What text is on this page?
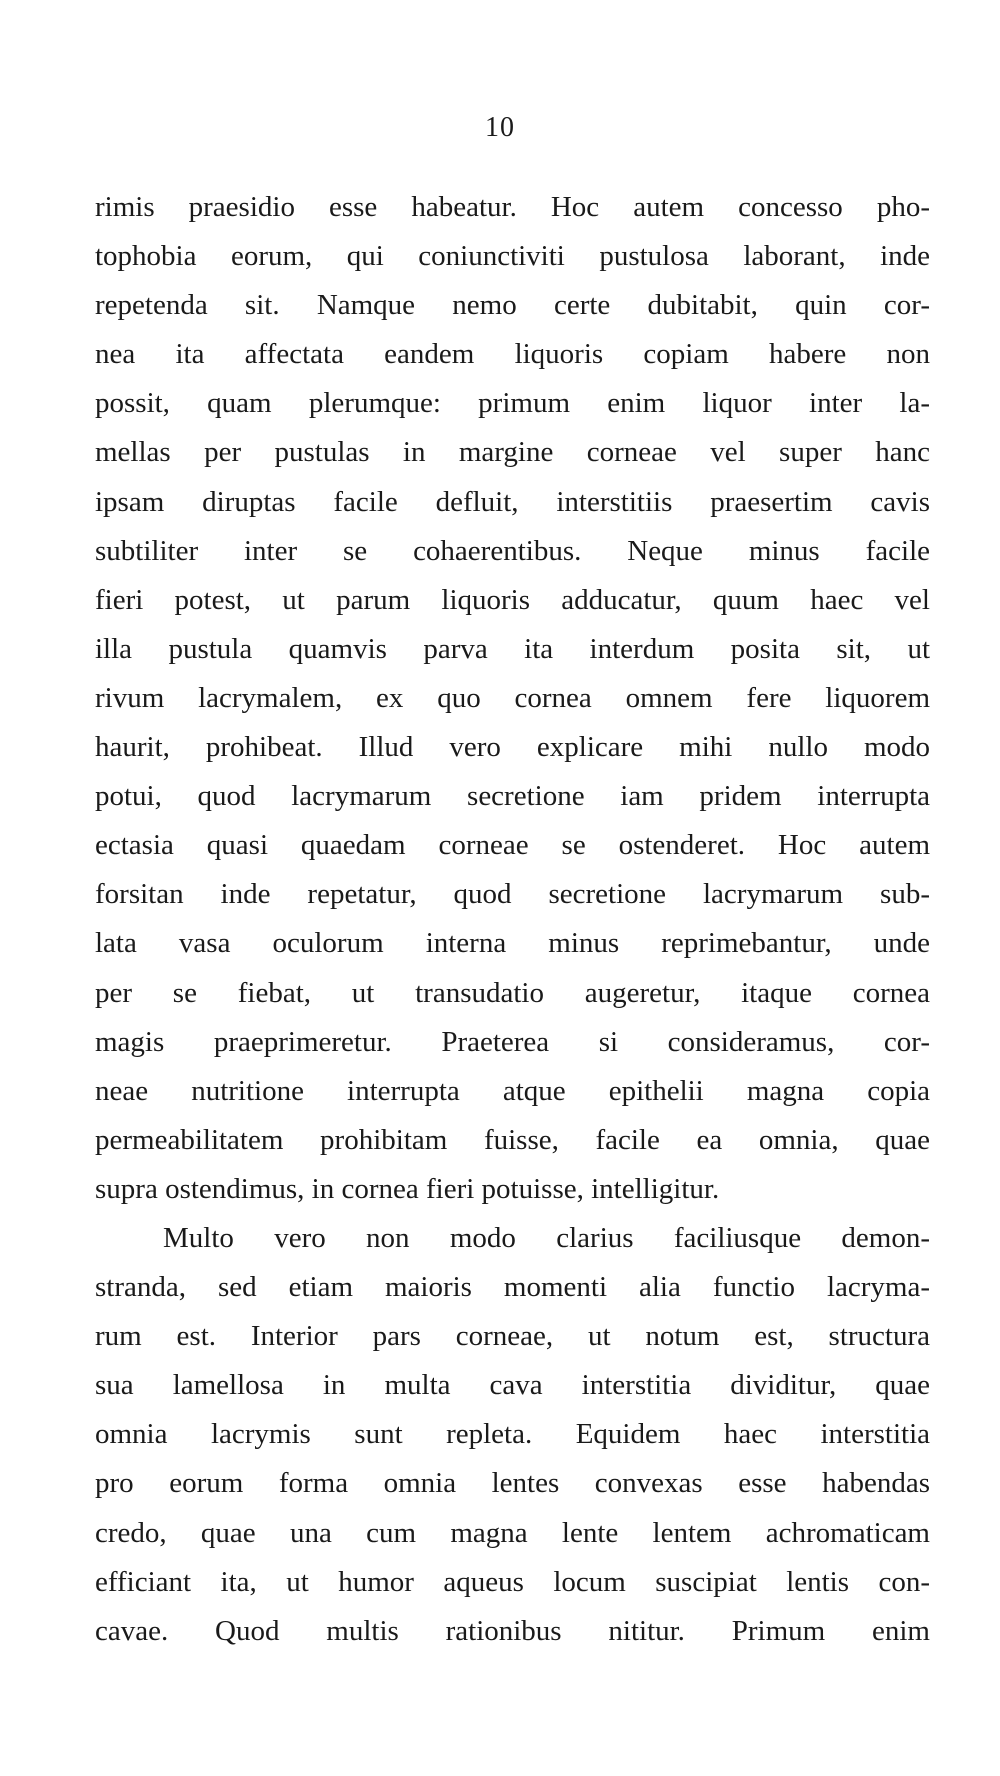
10
rimis praesidio esse habeatur. Hoc autem concesso pho-
tophobia eorum, qui coniunctiviti pustulosa laborant, inde
repetenda sit. Namque nemo certe dubitabit, quin cor-
nea ita affectata eandem liquoris copiam habere non
possit, quam plerumque: primum enim liquor inter la-
mellas per pustulas in margine corneae vel super hanc
ipsam diruptas facile defluit, interstitiis praesertim cavis
subtiliter inter se cohaerentibus. Neque minus facile
fieri potest, ut parum liquoris adducatur, quum haec vel
illa pustula quamvis parva ita interdum posita sit, ut
rivum lacrymalem, ex quo cornea omnem fere liquorem
haurit, prohibeat. Illud vero explicare mihi nullo modo
potui, quod lacrymarum secretione iam pridem interrupta
ectasia quasi quaedam corneae se ostenderet. Hoc autem
forsitan inde repetatur, quod secretione lacrymarum sub-
lata vasa oculorum interna minus reprimebantur, unde
per se fiebat, ut transudatio augeretur, itaque cornea
magis praeprimeretur. Praeterea si consideramus, cor-
neae nutritione interrupta atque epithelii magna copia
permeabilitatem prohibitam fuisse, facile ea omnia, quae
supra ostendimus, in cornea fieri potuisse, intelligitur.
Multo vero non modo clarius faciliusque demon-
stranda, sed etiam maioris momenti alia functio lacryma-
rum est. Interior pars corneae, ut notum est, structura
sua lamellosa in multa cava interstitia dividitur, quae
omnia lacrymis sunt repleta. Equidem haec interstitia
pro eorum forma omnia lentes convexas esse habendas
credo, quae una cum magna lente lentem achromaticam
efficiant ita, ut humor aqueus locum suscipiat lentis con-
cavae. Quod multis rationibus nititur. Primum enim
